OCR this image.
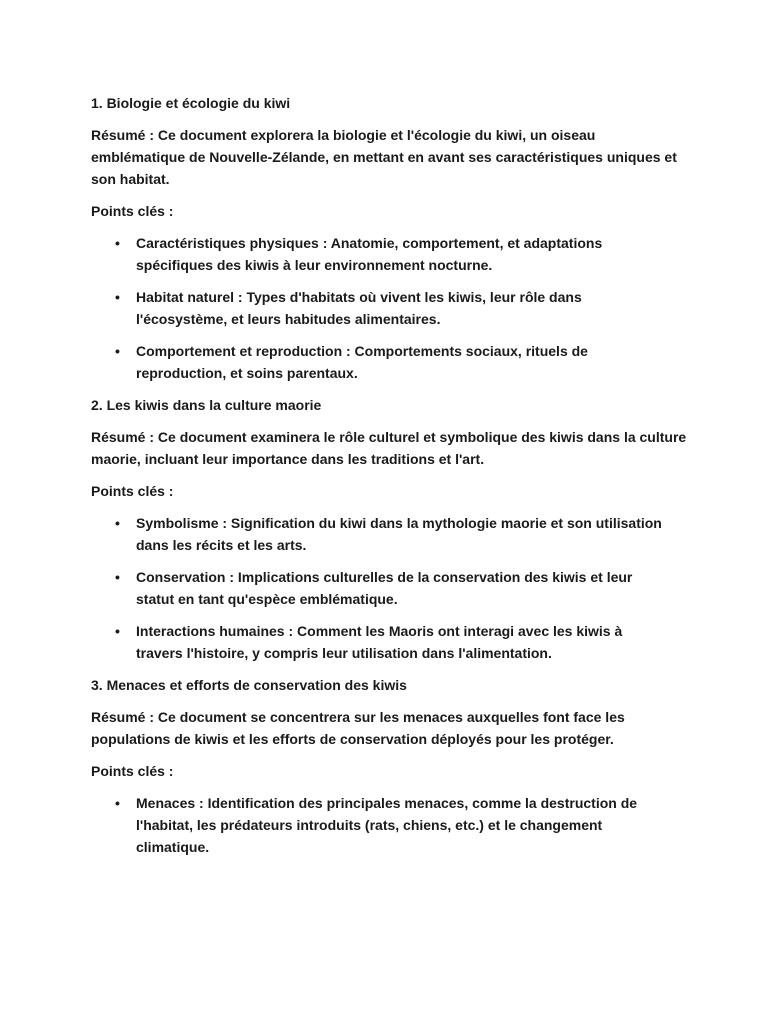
1. Biologie et écologie du kiwi

Résumé : Ce document explorera la biologie et l'écologie du kiwi, un oiseau emblématique de Nouvelle-Zélande, en mettant en avant ses caractéristiques uniques et son habitat.

Points clés :

• Caractéristiques physiques : Anatomie, comportement, et adaptations spécifiques des kiwis à leur environnement nocturne.
• Habitat naturel : Types d'habitats où vivent les kiwis, leur rôle dans l'écosystème, et leurs habitudes alimentaires.
• Comportement et reproduction : Comportements sociaux, rituels de reproduction, et soins parentaux.

2. Les kiwis dans la culture maorie

Résumé : Ce document examinera le rôle culturel et symbolique des kiwis dans la culture maorie, incluant leur importance dans les traditions et l'art.

Points clés :

• Symbolisme : Signification du kiwi dans la mythologie maorie et son utilisation dans les récits et les arts.
• Conservation : Implications culturelles de la conservation des kiwis et leur statut en tant qu'espèce emblématique.
• Interactions humaines : Comment les Maoris ont interagi avec les kiwis à travers l'histoire, y compris leur utilisation dans l'alimentation.

3. Menaces et efforts de conservation des kiwis

Résumé : Ce document se concentrera sur les menaces auxquelles font face les populations de kiwis et les efforts de conservation déployés pour les protéger.

Points clés :

• Menaces : Identification des principales menaces, comme la destruction de l'habitat, les prédateurs introduits (rats, chiens, etc.) et le changement climatique.
